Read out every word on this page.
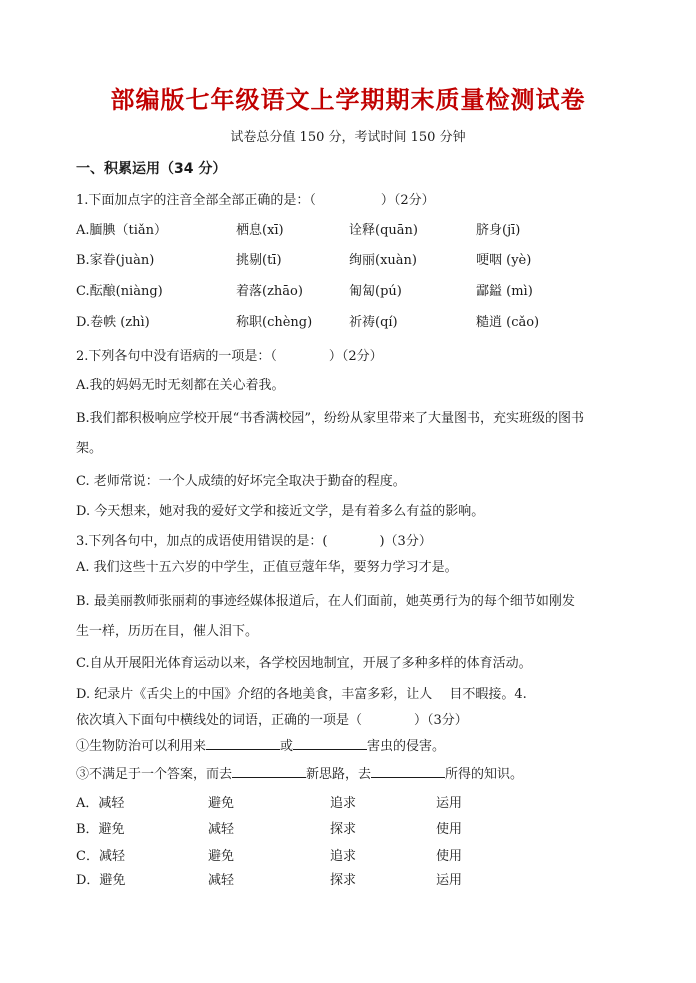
部编版七年级语文上学期期末质量检测试卷
试卷总分值 150 分，考试时间 150 分钟
一、积累运用（34 分）
1.下面加点字的注音全部全部正确的是：（　　　　　）（2分）
A.腼腆（tiǎn）	栖息(xī)	诠释(quān)	脐身(jī)
B.家眷(juàn)	挑剔(tī)	绚丽(xuàn)	哽咽 (yè)
C.酝酿(niàng)	着落(zhāo)	匍匐(pú)	酃鎰 (mì)
D.卷帙 (zhì)	称职(chèng)	祈祷(qí)	糙逍 (cǎo)
2.下列各句中没有语病的一项是：（　　　　）（2分）
A.我的妈妈无时无刻都在关心着我。
B.我们都积极响应学校开展“书香满校园”，纷纷从家里带来了大量图书，充实班级的图书
架。
C. 老师常说：一个人成绩的好坏完全取决于勤奋的程度。
D. 今天想来，她对我的爱好文学和接近文学，是有着多么有益的影响。
3.下列各句中，加点的成语使用错误的是：(　　　　)（3分）
A. 我们这些十五六岁的中学生，正值豆蔻年华，要努力学习才是。
B. 最美丽教师张丽莉的事迹经媒体报道后，在人们面前，她英勇行为的每个细节如刚发
生一样，历历在目，催人泪下。
C.自从开展阳光体育运动以来，各学校因地制宜，开展了多种多样的体育活动。
D. 纪录片《舌尖上的中国》介绍的各地美食，丰富多彩，让人　 目不暇接。4.
依次填入下面句中横线处的词语，正确的一项是（　　　　）（3分）
①生物防治可以利用来	或	害虫的侵害。
③不满足于一个答案，而去	新思路，去	所得的知识。
A．减轻	避免	追求	运用
B．避免	减轻	探求	使用
C．减轻	避免	追求	使用
D．避免	减轻	探求	运用
